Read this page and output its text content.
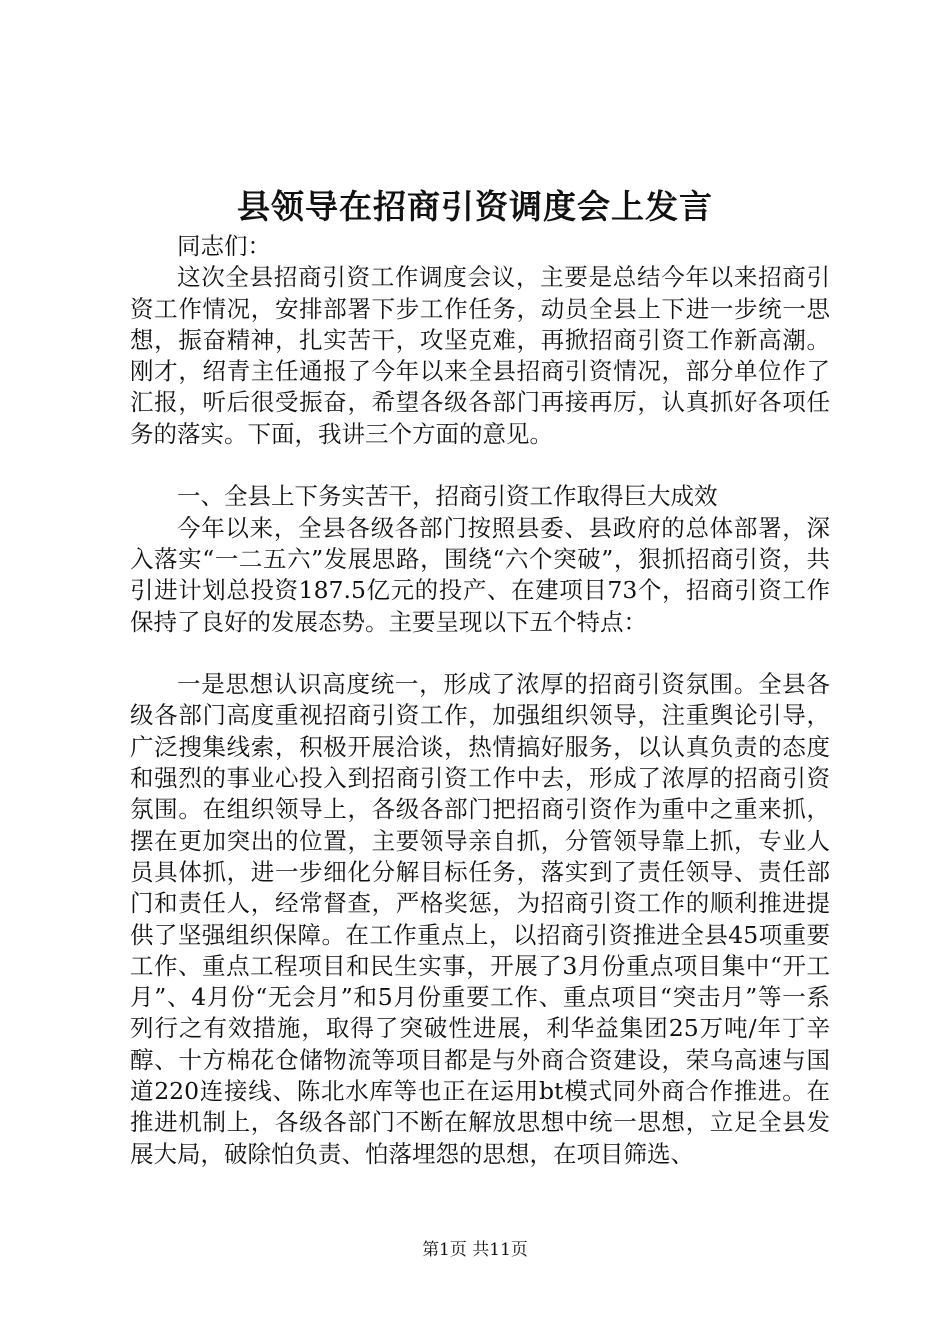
县领导在招商引资调度会上发言

同志们：

这次全县招商引资工作调度会议，主要是总结今年以来招商引资工作情况，安排部署下步工作任务，动员全县上下进一步统一思想，振奋精神，扎实苦干，攻坚克难，再掀招商引资工作新高潮。刚才，绍青主任通报了今年以来全县招商引资情况，部分单位作了汇报，听后很受振奋，希望各级各部门再接再厉，认真抓好各项任务的落实。下面，我讲三个方面的意见。

一、全县上下务实苦干，招商引资工作取得巨大成效

今年以来，全县各级各部门按照县委、县政府的总体部署，深入落实“一二五六”发展思路，围绕“六个突破”，狠抓招商引资，共引进计划总投资187.5亿元的投产、在建项目73个，招商引资工作保持了良好的发展态势。主要呈现以下五个特点：

一是思想认识高度统一，形成了浓厚的招商引资氛围。全县各级各部门高度重视招商引资工作，加强组织领导，注重舆论引导，广泛搜集线索，积极开展洽谈，热情搞好服务，以认真负责的态度和强烈的事业心投入到招商引资工作中去，形成了浓厚的招商引资氛围。在组织领导上，各级各部门把招商引资作为重中之重来抓，摆在更加突出的位置，主要领导亲自抓，分管领导靠上抓，专业人员具体抓，进一步细化分解目标任务，落实到了责任领导、责任部门和责任人，经常督查，严格奖惩，为招商引资工作的顺利推进提供了坚强组织保障。在工作重点上，以招商引资推进全县45项重要工作、重点工程项目和民生实事，开展了3月份重点项目集中“开工月”、4月份“无会月”和5月份重要工作、重点项目“突击月”等一系列行之有效措施，取得了突破性进展，利华益集团25万吨/年丁辛醇、十方棉花仓储物流等项目都是与外商合资建设，荣乌高速与国道220连接线、陈北水库等也正在运用bt模式同外商合作推进。在推进机制上，各级各部门不断在解放思想中统一思想，立足全县发展大局，破除怕负责、怕落埋怨的思想，在项目筛选、

第1页 共11页
